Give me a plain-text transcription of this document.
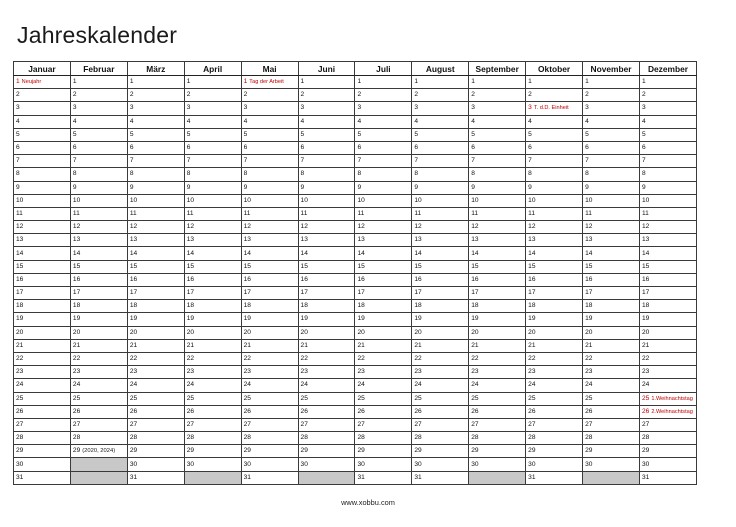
Jahreskalender
Januar	Februar	März	April	Mai	Juni	Juli	August	September	Oktober	November	Dezember
1 Neujahr	1	1	1	1 Tag der Arbeit	1	1	1	1	1	1	1
2	2	2	2	2	2	2	2	2	2	2	2
3	3	3	3	3	3	3	3	3	3 T. d.D. Einheit	3	3
4	4	4	4	4	4	4	4	4	4	4	4
5	5	5	5	5	5	5	5	5	5	5	5
6	6	6	6	6	6	6	6	6	6	6	6
7	7	7	7	7	7	7	7	7	7	7	7
8	8	8	8	8	8	8	8	8	8	8	8
9	9	9	9	9	9	9	9	9	9	9	9
10	10	10	10	10	10	10	10	10	10	10	10
11	11	11	11	11	11	11	11	11	11	11	11
12	12	12	12	12	12	12	12	12	12	12	12
13	13	13	13	13	13	13	13	13	13	13	13
14	14	14	14	14	14	14	14	14	14	14	14
15	15	15	15	15	15	15	15	15	15	15	15
16	16	16	16	16	16	16	16	16	16	16	16
17	17	17	17	17	17	17	17	17	17	17	17
18	18	18	18	18	18	18	18	18	18	18	18
19	19	19	19	19	19	19	19	19	19	19	19
20	20	20	20	20	20	20	20	20	20	20	20
21	21	21	21	21	21	21	21	21	21	21	21
22	22	22	22	22	22	22	22	22	22	22	22
23	23	23	23	23	23	23	23	23	23	23	23
24	24	24	24	24	24	24	24	24	24	24	24
25	25	25	25	25	25	25	25	25	25	25	25 1.Weihnachtstag
26	26	26	26	26	26	26	26	26	26	26	26 2.Weihnachtstag
27	27	27	27	27	27	27	27	27	27	27	27
28	28	28	28	28	28	28	28	28	28	28	28
29	29 (2020, 2024)	29	29	29	29	29	29	29	29	29	29
30		30	30	30	30	30	30	30	30	30	30
31		31		31		31	31		31		31
www.xobbu.com
